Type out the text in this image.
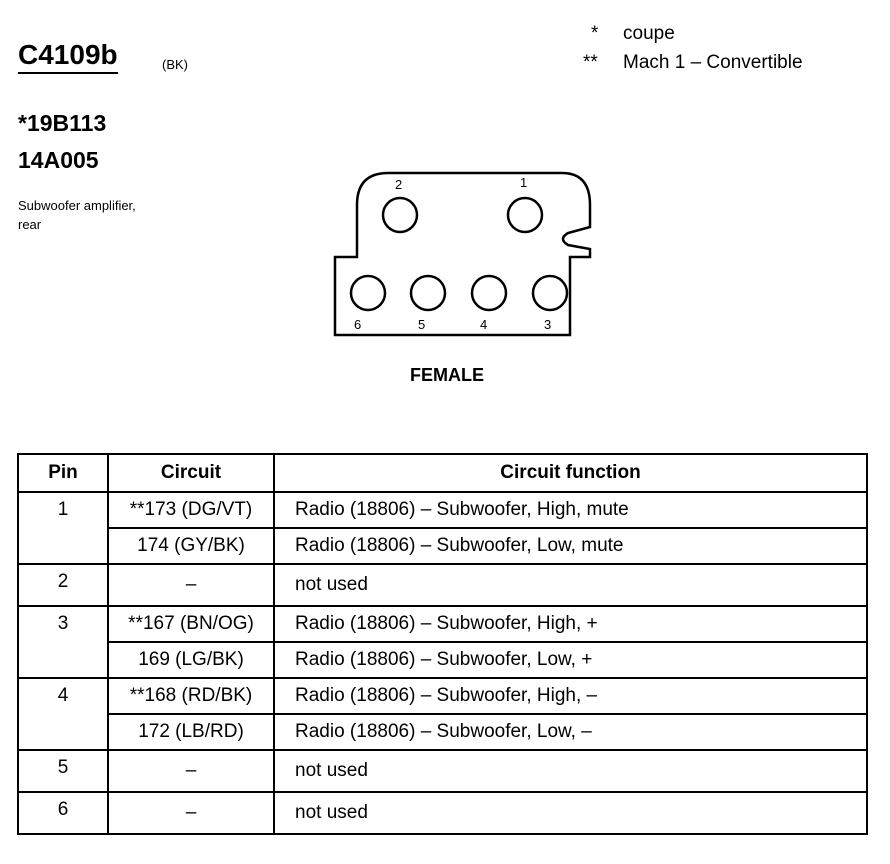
C4109b	(BK)
*19B113
14A005
Subwoofer amplifier,
rear
*	coupe
**	Mach 1 – Convertible
2	1
6	5	4	3
FEMALE
Pin	Circuit	Circuit function
1	**173 (DG/VT)	Radio (18806) – Subwoofer, High, mute
	174 (GY/BK)	Radio (18806) – Subwoofer, Low, mute
2	–	not used
3	**167 (BN/OG)	Radio (18806) – Subwoofer, High, +
	169 (LG/BK)	Radio (18806) – Subwoofer, Low, +
4	**168 (RD/BK)	Radio (18806) – Subwoofer, High, –
	172 (LB/RD)	Radio (18806) – Subwoofer, Low, –
5	–	not used
6	–	not used
